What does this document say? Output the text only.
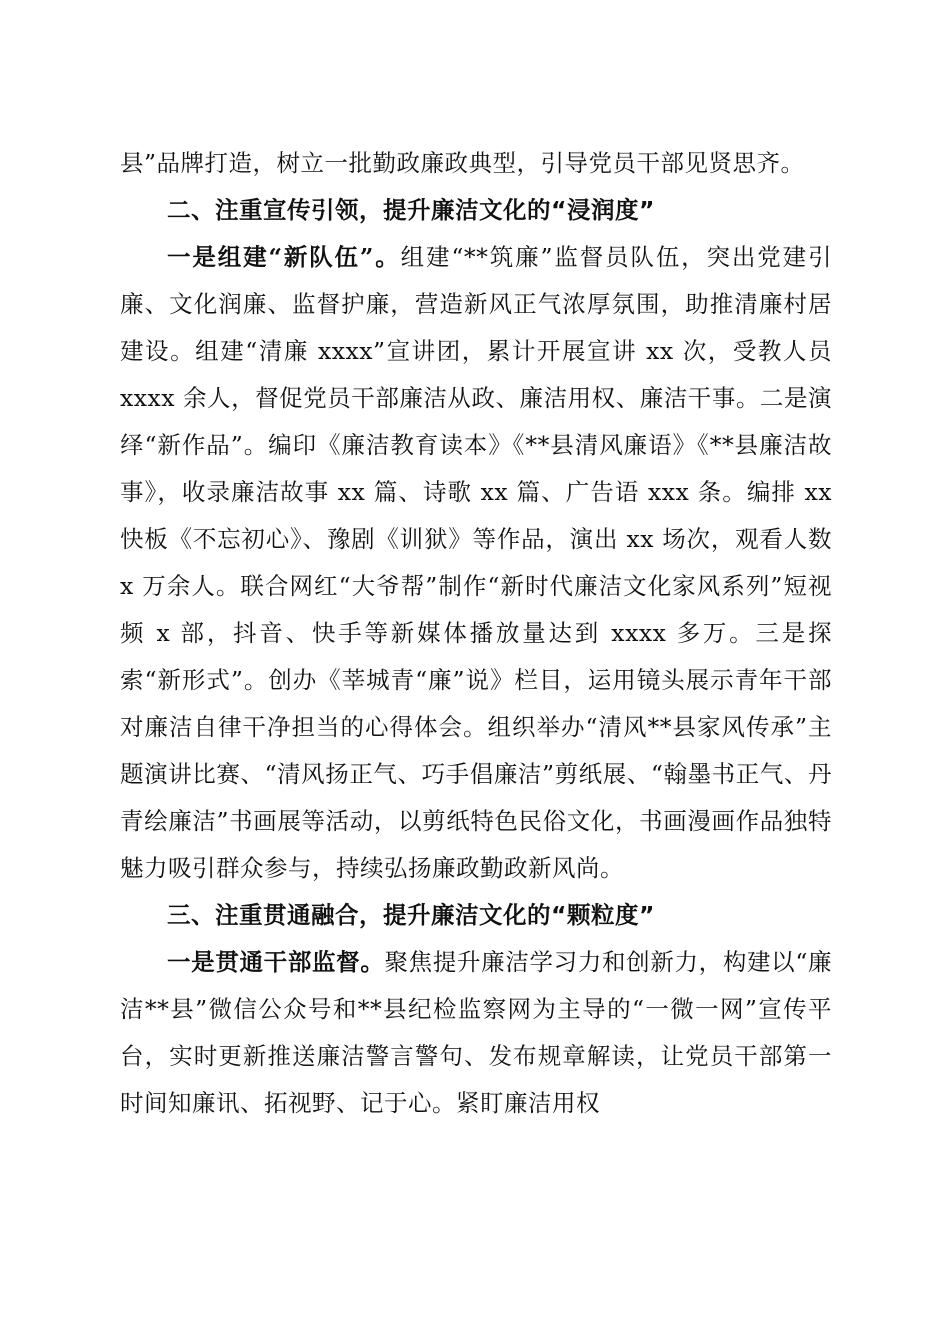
县”品牌打造，树立一批勤政廉政典型，引导党员干部见贤思齐。

二、注重宣传引领，提升廉洁文化的“浸润度”

一是组建“新队伍”。组建“**筑廉”监督员队伍，突出党建引廉、文化润廉、监督护廉，营造新风正气浓厚氛围，助推清廉村居建设。组建“清廉 xxxx”宣讲团，累计开展宣讲 xx 次，受教人员 xxxx 余人，督促党员干部廉洁从政、廉洁用权、廉洁干事。二是演绎“新作品”。编印《廉洁教育读本》《**县清风廉语》《**县廉洁故事》，收录廉洁故事 xx 篇、诗歌 xx 篇、广告语 xxx 条。编排 xx 快板《不忘初心》、豫剧《训狱》等作品，演出 xx 场次，观看人数 x 万余人。联合网红“大爷帮”制作“新时代廉洁文化家风系列”短视频 x 部，抖音、快手等新媒体播放量达到 xxxx 多万。三是探索“新形式”。创办《莘城青“廉”说》栏目，运用镜头展示青年干部对廉洁自律干净担当的心得体会。组织举办“清风**县家风传承”主题演讲比赛、“清风扬正气、巧手倡廉洁”剪纸展、“翰墨书正气、丹青绘廉洁”书画展等活动，以剪纸特色民俗文化，书画漫画作品独特魅力吸引群众参与，持续弘扬廉政勤政新风尚。

三、注重贯通融合，提升廉洁文化的“颗粒度”

一是贯通干部监督。聚焦提升廉洁学习力和创新力，构建以“廉洁**县”微信公众号和**县纪检监察网为主导的“一微一网”宣传平台，实时更新推送廉洁警言警句、发布规章解读，让党员干部第一时间知廉讯、拓视野、记于心。紧盯廉洁用权
